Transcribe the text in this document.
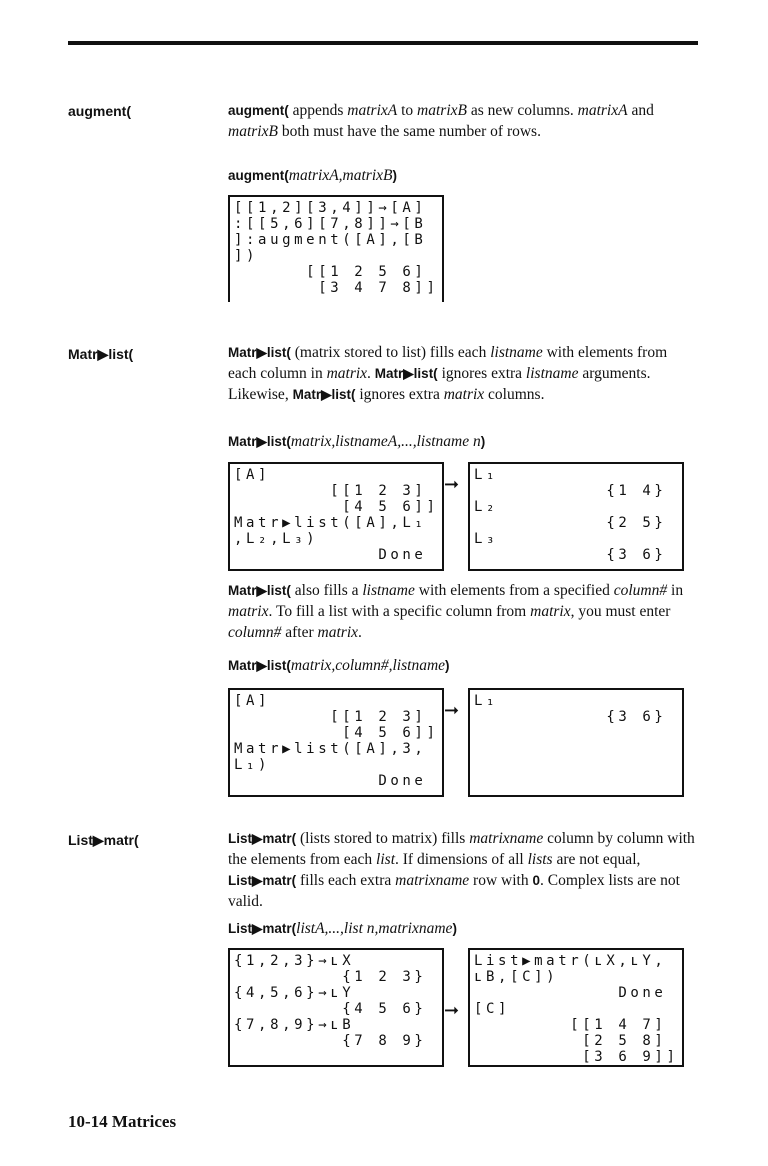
augment(	augment( appends matrixA to matrixB as new columns. matrixA and matrixB both must have the same number of rows.
augment(matrixA,matrixB)
[[1,2][3,4]]→[A]
:[[5,6][7,8]]→[B
]:augment([A],[B
])
[[1 2 5 6]
[3 4 7 8]]
Matr▶list(	Matr▶list( (matrix stored to list) fills each listname with elements from each column in matrix. Matr▶list( ignores extra listname arguments. Likewise, Matr▶list( ignores extra matrix columns.
Matr▶list(matrix,listnameA,...,listname n)
[A]
[[1 2 3]
[4 5 6]]
Matr▶list([A],L₁
,L₂,L₃)
Done
➞ L₁
{1 4}
L₂
{2 5}
L₃
{3 6}
Matr▶list( also fills a listname with elements from a specified column# in matrix. To fill a list with a specific column from matrix, you must enter column# after matrix.
Matr▶list(matrix,column#,listname)
[A]
[[1 2 3]
[4 5 6]]
Matr▶list([A],3,
L₁)
Done
➞ L₁
{3 6}
List▶matr(	List▶matr( (lists stored to matrix) fills matrixname column by column with the elements from each list. If dimensions of all lists are not equal, List▶matr( fills each extra matrixname row with 0. Complex lists are not valid.
List▶matr(listA,...,list n,matrixname)
{1,2,3}→ʟX
{1 2 3}
{4,5,6}→ʟY
{4 5 6}
{7,8,9}→ʟB
{7 8 9}
➞
List▶matr(ʟX,ʟY,
ʟB,[C])
Done
[C]
[[1 4 7]
[2 5 8]
[3 6 9]]
10-14 Matrices
